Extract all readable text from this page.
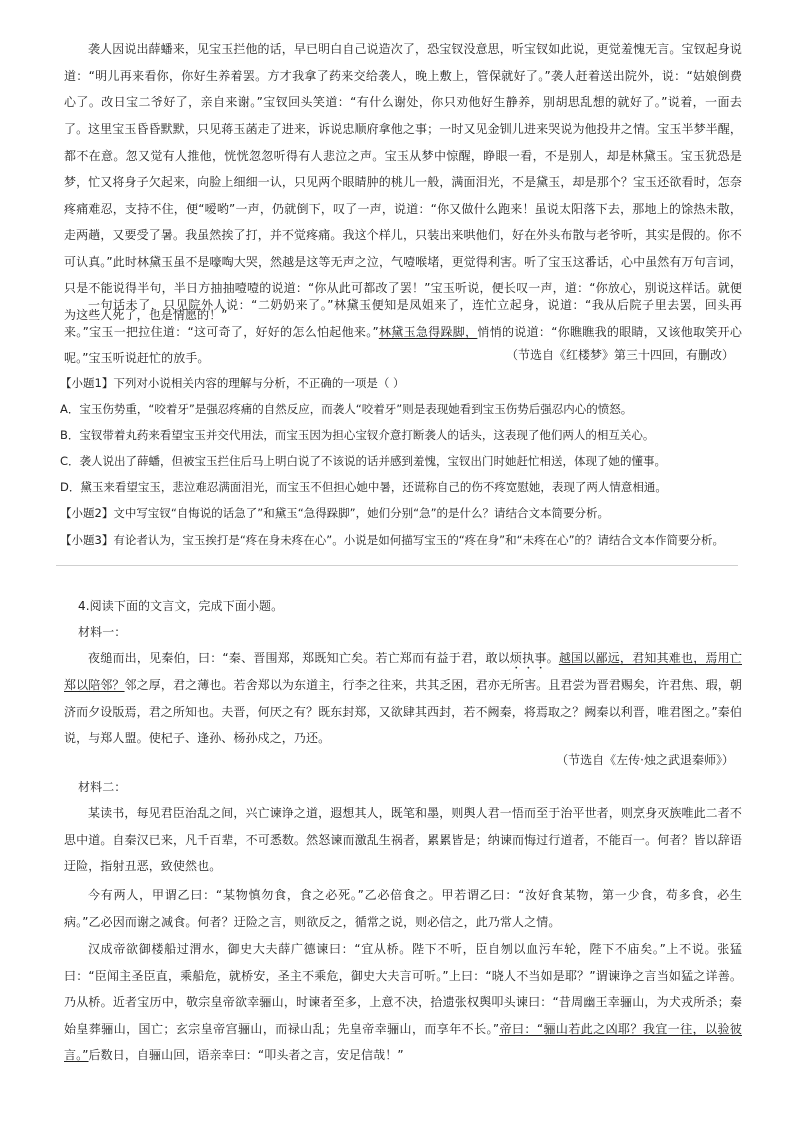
袭人因说出薛蟠来，见宝玉拦他的话，早已明白自己说造次了，恐宝钗没意思，听宝钗如此说，更觉羞愧无言。宝钗起身说道：“明儿再来看你，你好生养着罢。方才我拿了药来交给袭人，晚上敷上，管保就好了。”袭人赶着送出院外，说：“姑娘倒费心了。改日宝二爷好了，亲自来谢。”宝钗回头笑道：“有什么谢处，你只劝他好生静养，别胡思乱想的就好了。”说着，一面去了。 这里宝玉昏昏默默，只见蒋玉菡走了进来，诉说忠顺府拿他之事；一时又见金钏儿进来哭说为他投井之情。宝玉半梦半醒，都不在意。忽又觉有人推他，恍恍忽忽听得有人悲泣之声。宝玉从梦中惊醒，睁眼一看，不是别人，却是林黛玉。宝玉犹恐是梦，忙又将身子欠起来，向脸上细细一认，只见两个眼睛肿的桃儿一般，满面泪光，不是黛玉，却是那个？宝玉还欲看时，怎奈疼痛难忍，支持不住，便“嗳哟”一声，仍就倒下，叹了一声，说道：“你又做什么跑来！虽说太阳落下去，那地上的馀热未散，走两趟，又要受了暑。我虽然挨了打，并不觉疼痛。我这个样儿，只装出来哄他们，好在外头布散与老爷听，其实是假的。你不可认真。”此时林黛玉虽不是嚎啕大哭，然越是这等无声之泣，气噎喉堵，更觉得利害。听了宝玉这番话，心中虽然有万句言词，只是不能说得半句，半日方抽抽噎噎的说道：“你从此可都改了罢！”宝玉听说，便长叹一声，道：“你放心，别说这样话。就便为这些人死了，也是情愿的！”

一句话未了，只见院外人说：“二奶奶来了。”林黛玉便知是凤姐来了，连忙立起身，说道：“我从后院子里去罢，回头再来。”宝玉一把拉住道：“这可奇了，好好的怎么怕起他来。”林黛玉急得跺脚，悄悄的说道：“你瞧瞧我的眼睛，又该他取笑开心呢。”宝玉听说赶忙的放手。	（节选自《红楼梦》第三十四回，有删改）

【小题1】下列对小说相关内容的理解与分析，不正确的一项是（ ）

A．宝玉伤势重，“咬着牙”是强忍疼痛的自然反应，而袭人“咬着牙”则是表现她看到宝玉伤势后强忍内心的愤怒。

B．宝钗带着丸药来看望宝玉并交代用法，而宝玉因为担心宝钗介意打断袭人的话头，这表现了他们两人的相互关心。

C．袭人说出了薛蟠，但被宝玉拦住后马上明白说了不该说的话并感到羞愧，宝钗出门时她赶忙相送，体现了她的懂事。

D．黛玉来看望宝玉，悲泣难忍满面泪光，而宝玉不但担心她中暑，还谎称自己的伤不疼宽慰她，表现了两人情意相通。

【小题2】文中写宝钗“自悔说的话急了”和黛玉“急得跺脚”，她们分别“急”的是什么？请结合文本简要分析。

【小题3】有论者认为，宝玉挨打是“疼在身未疼在心”。小说是如何描写宝玉的“疼在身”和“未疼在心”的？请结合文本作简要分析。

4.阅读下面的文言文，完成下面小题。

材料一：

夜缒而出，见秦伯，曰：“秦、晋围郑，郑既知亡矣。若亡郑而有益于君，敢以烦执事。越国以鄙远，君知其难也，焉用亡郑以陪邻？邻之厚，君之薄也。若舍郑以为东道主，行李之往来，共其乏困，君亦无所害。且君尝为晋君赐矣，许君焦、瑕，朝济而夕设版焉，君之所知也。夫晋，何厌之有？既东封郑，又欲肆其西封，若不阙秦，将焉取之？阙秦以利晋，唯君图之。”秦伯说，与郑人盟。使杞子、逢孙、杨孙戍之，乃还。

（节选自《左传·烛之武退秦师》）

材料二：

某读书，每见君臣治乱之间，兴亡谏诤之道，遐想其人，既笔和墨，则舆人君一悟而至于治平世者，则烹身灭族唯此二者不思中道。自秦汉已来，凡千百辈，不可悉数。然怒谏而激乱生祸者，累累皆是；纳谏而悔过行道者，不能百一。何者？皆以辞语迂险，指射丑恶，致使然也。

今有两人，甲谓乙曰：“某物慎勿食，食之必死。”乙必倍食之。甲若谓乙曰：“汝好食某物，第一少食，苟多食，必生病。”乙必因而谢之减食。何者？迂险之言，则欲反之，循常之说，则必信之，此乃常人之情。

汉成帝欲御楼船过渭水，御史大夫薛广德谏曰：“宜从桥。陛下不听，臣自刎以血污车轮，陛下不庙矣。”上不说。张猛曰：“臣闻主圣臣直，乘船危，就桥安，圣主不乘危，御史大夫言可听。”上曰：“晓人不当如是耶？”谓谏诤之言当如猛之详善。乃从桥。近者宝历中，敬宗皇帝欲幸骊山，时谏者至多，上意不决，拾遗张权舆叩头谏曰：“昔周幽王幸骊山，为犬戎所杀；秦始皇葬骊山，国亡；玄宗皇帝宫骊山，而禄山乱；先皇帝幸骊山，而享年不长。”帝曰：“骊山若此之凶耶？我宜一往，以验彼言。”后数日，自骊山回，语亲幸曰：“叩头者之言，安足信哉！”
